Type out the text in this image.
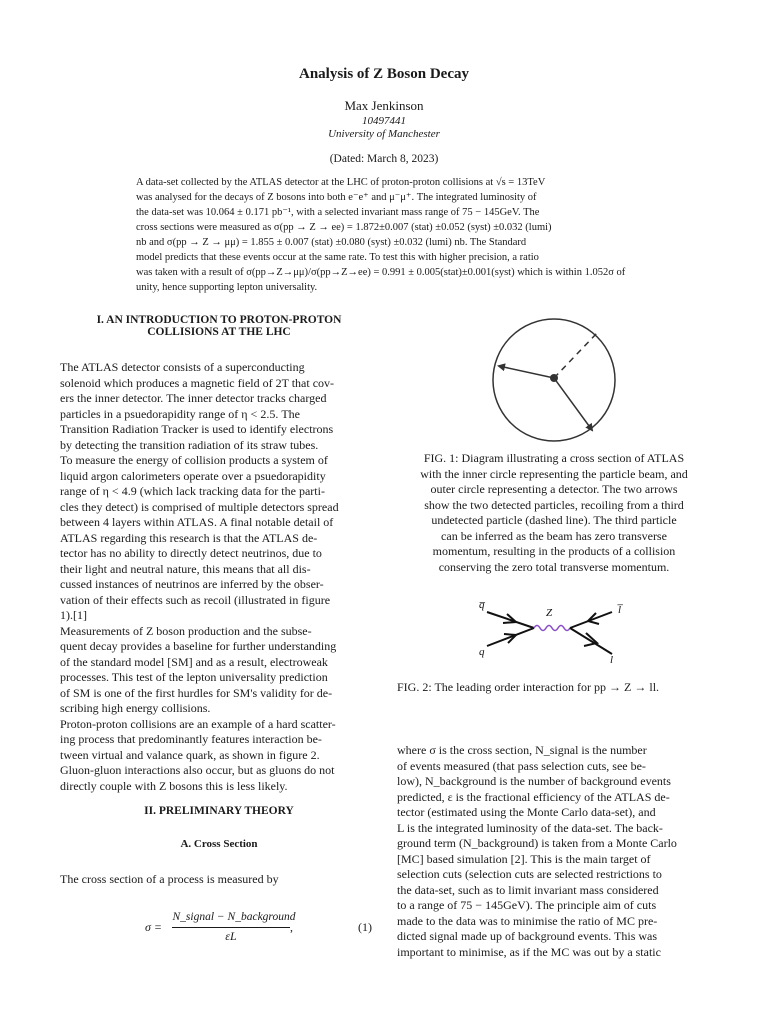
Analysis of Z Boson Decay
Max Jenkinson
10497441
University of Manchester
(Dated: March 8, 2023)
A data-set collected by the ATLAS detector at the LHC of proton-proton collisions at √s = 13TeV
was analysed for the decays of Z bosons into both e⁻e⁺ and μ⁻μ⁺. The integrated luminosity of
the data-set was 10.064 ± 0.171 pb⁻¹, with a selected invariant mass range of 75 − 145GeV. The
cross sections were measured as σ(pp → Z → ee) = 1.872±0.007 (stat) ±0.052 (syst) ±0.032 (lumi)
nb and σ(pp → Z → μμ) = 1.855 ± 0.007 (stat) ±0.080 (syst) ±0.032 (lumi) nb. The Standard
model predicts that these events occur at the same rate. To test this with higher precision, a ratio
was taken with a result of σ(pp→Z→μμ)/σ(pp→Z→ee) = 0.991 ± 0.005(stat)±0.001(syst) which is within 1.052σ of
unity, hence supporting lepton universality.
I. AN INTRODUCTION TO PROTON-PROTON
COLLISIONS AT THE LHC
The ATLAS detector consists of a superconducting
solenoid which produces a magnetic field of 2T that cov-
ers the inner detector. The inner detector tracks charged
particles in a psuedorapidity range of η < 2.5. The
Transition Radiation Tracker is used to identify electrons
by detecting the transition radiation of its straw tubes.
To measure the energy of collision products a system of
liquid argon calorimeters operate over a psuedorapidity
range of η < 4.9 (which lack tracking data for the parti-
cles they detect) is comprised of multiple detectors spread
between 4 layers within ATLAS. A final notable detail of
ATLAS regarding this research is that the ATLAS de-
tector has no ability to directly detect neutrinos, due to
their light and neutral nature, this means that all dis-
cussed instances of neutrinos are inferred by the obser-
vation of their effects such as recoil (illustrated in figure
1).[1]
Measurements of Z boson production and the subse-
quent decay provides a baseline for further understanding
of the standard model [SM] and as a result, electroweak
processes. This test of the lepton universality prediction
of SM is one of the first hurdles for SM's validity for de-
scribing high energy collisions.
Proton-proton collisions are an example of a hard scatter-
ing process that predominantly features interaction be-
tween virtual and valance quark, as shown in figure 2.
Gluon-gluon interactions also occur, but as gluons do not
directly couple with Z bosons this is less likely.
II. PRELIMINARY THEORY
A. Cross Section
The cross section of a process is measured by
σ =
N_signal − N_background
εL
,	(1)
FIG. 1: Diagram illustrating a cross section of ATLAS
with the inner circle representing the particle beam, and
outer circle representing a detector. The two arrows
show the two detected particles, recoiling from a third
undetected particle (dashed line). The third particle
can be inferred as the beam has zero transverse
momentum, resulting in the products of a collision
conserving the zero total transverse momentum.
q̅
q
Z	l̅
l
FIG. 2: The leading order interaction for pp → Z → ll.
where σ is the cross section, N_signal is the number
of events measured (that pass selection cuts, see be-
low), N_background is the number of background events
predicted, ε is the fractional efficiency of the ATLAS de-
tector (estimated using the Monte Carlo data-set), and
L is the integrated luminosity of the data-set. The back-
ground term (N_background) is taken from a Monte Carlo
[MC] based simulation [2]. This is the main target of
selection cuts (selection cuts are selected restrictions to
the data-set, such as to limit invariant mass considered
to a range of 75 − 145GeV). The principle aim of cuts
made to the data was to minimise the ratio of MC pre-
dicted signal made up of background events. This was
important to minimise, as if the MC was out by a static
